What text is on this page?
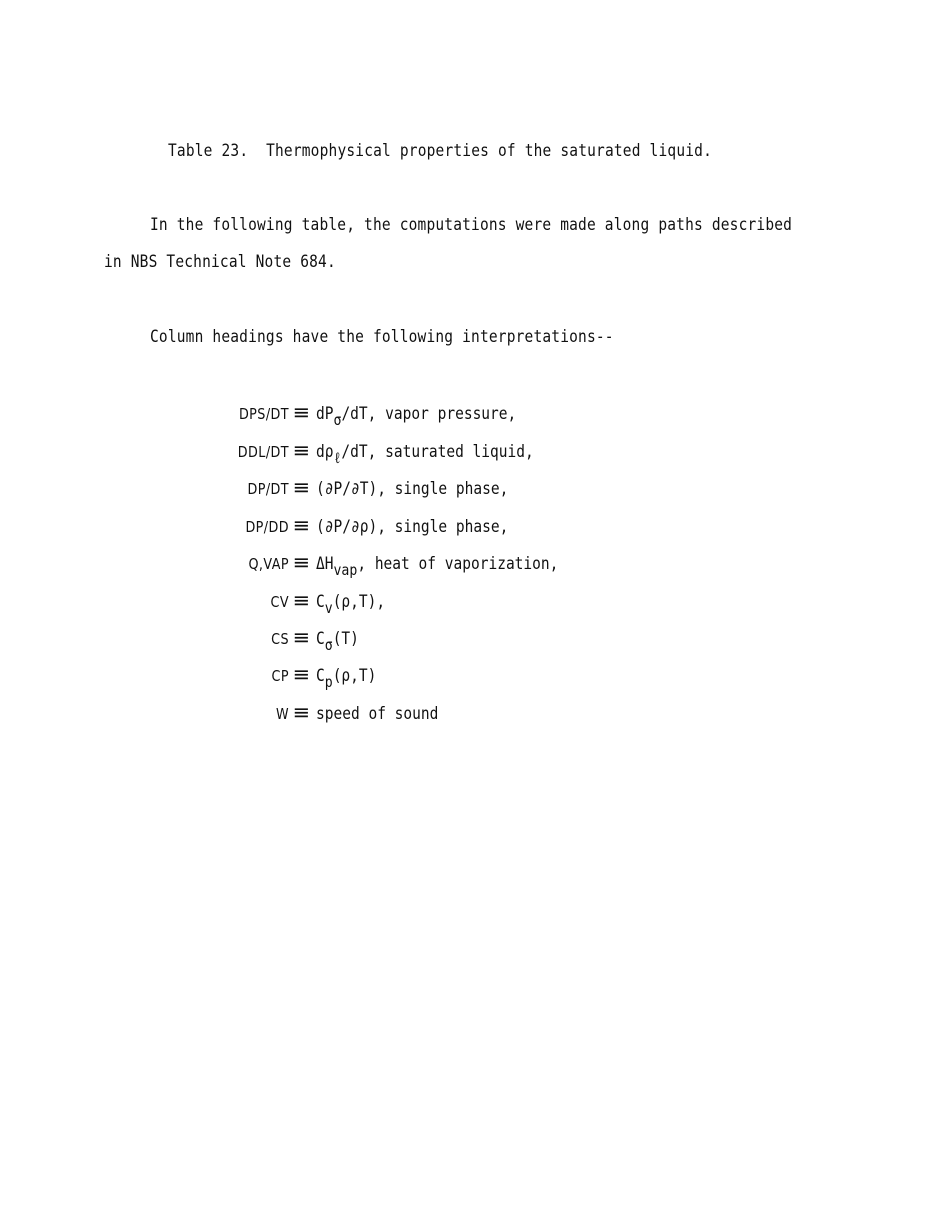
Table 23.  Thermophysical properties of the saturated liquid.
In the following table, the computations were made along paths described
in NBS Technical Note 684.
Column headings have the following interpretations--
DPS/DT ≡ dPσ/dT, vapor pressure,
DDL/DT ≡ dρℓ/dT, saturated liquid,
DP/DT ≡ (∂P/∂T), single phase,
DP/DD ≡ (∂P/∂ρ), single phase,
Q,VAP ≡ ΔHvap, heat of vaporization,
CV ≡ Cv(ρ,T),
CS ≡ Cσ(T)
CP ≡ Cp(ρ,T)
W ≡ speed of sound
